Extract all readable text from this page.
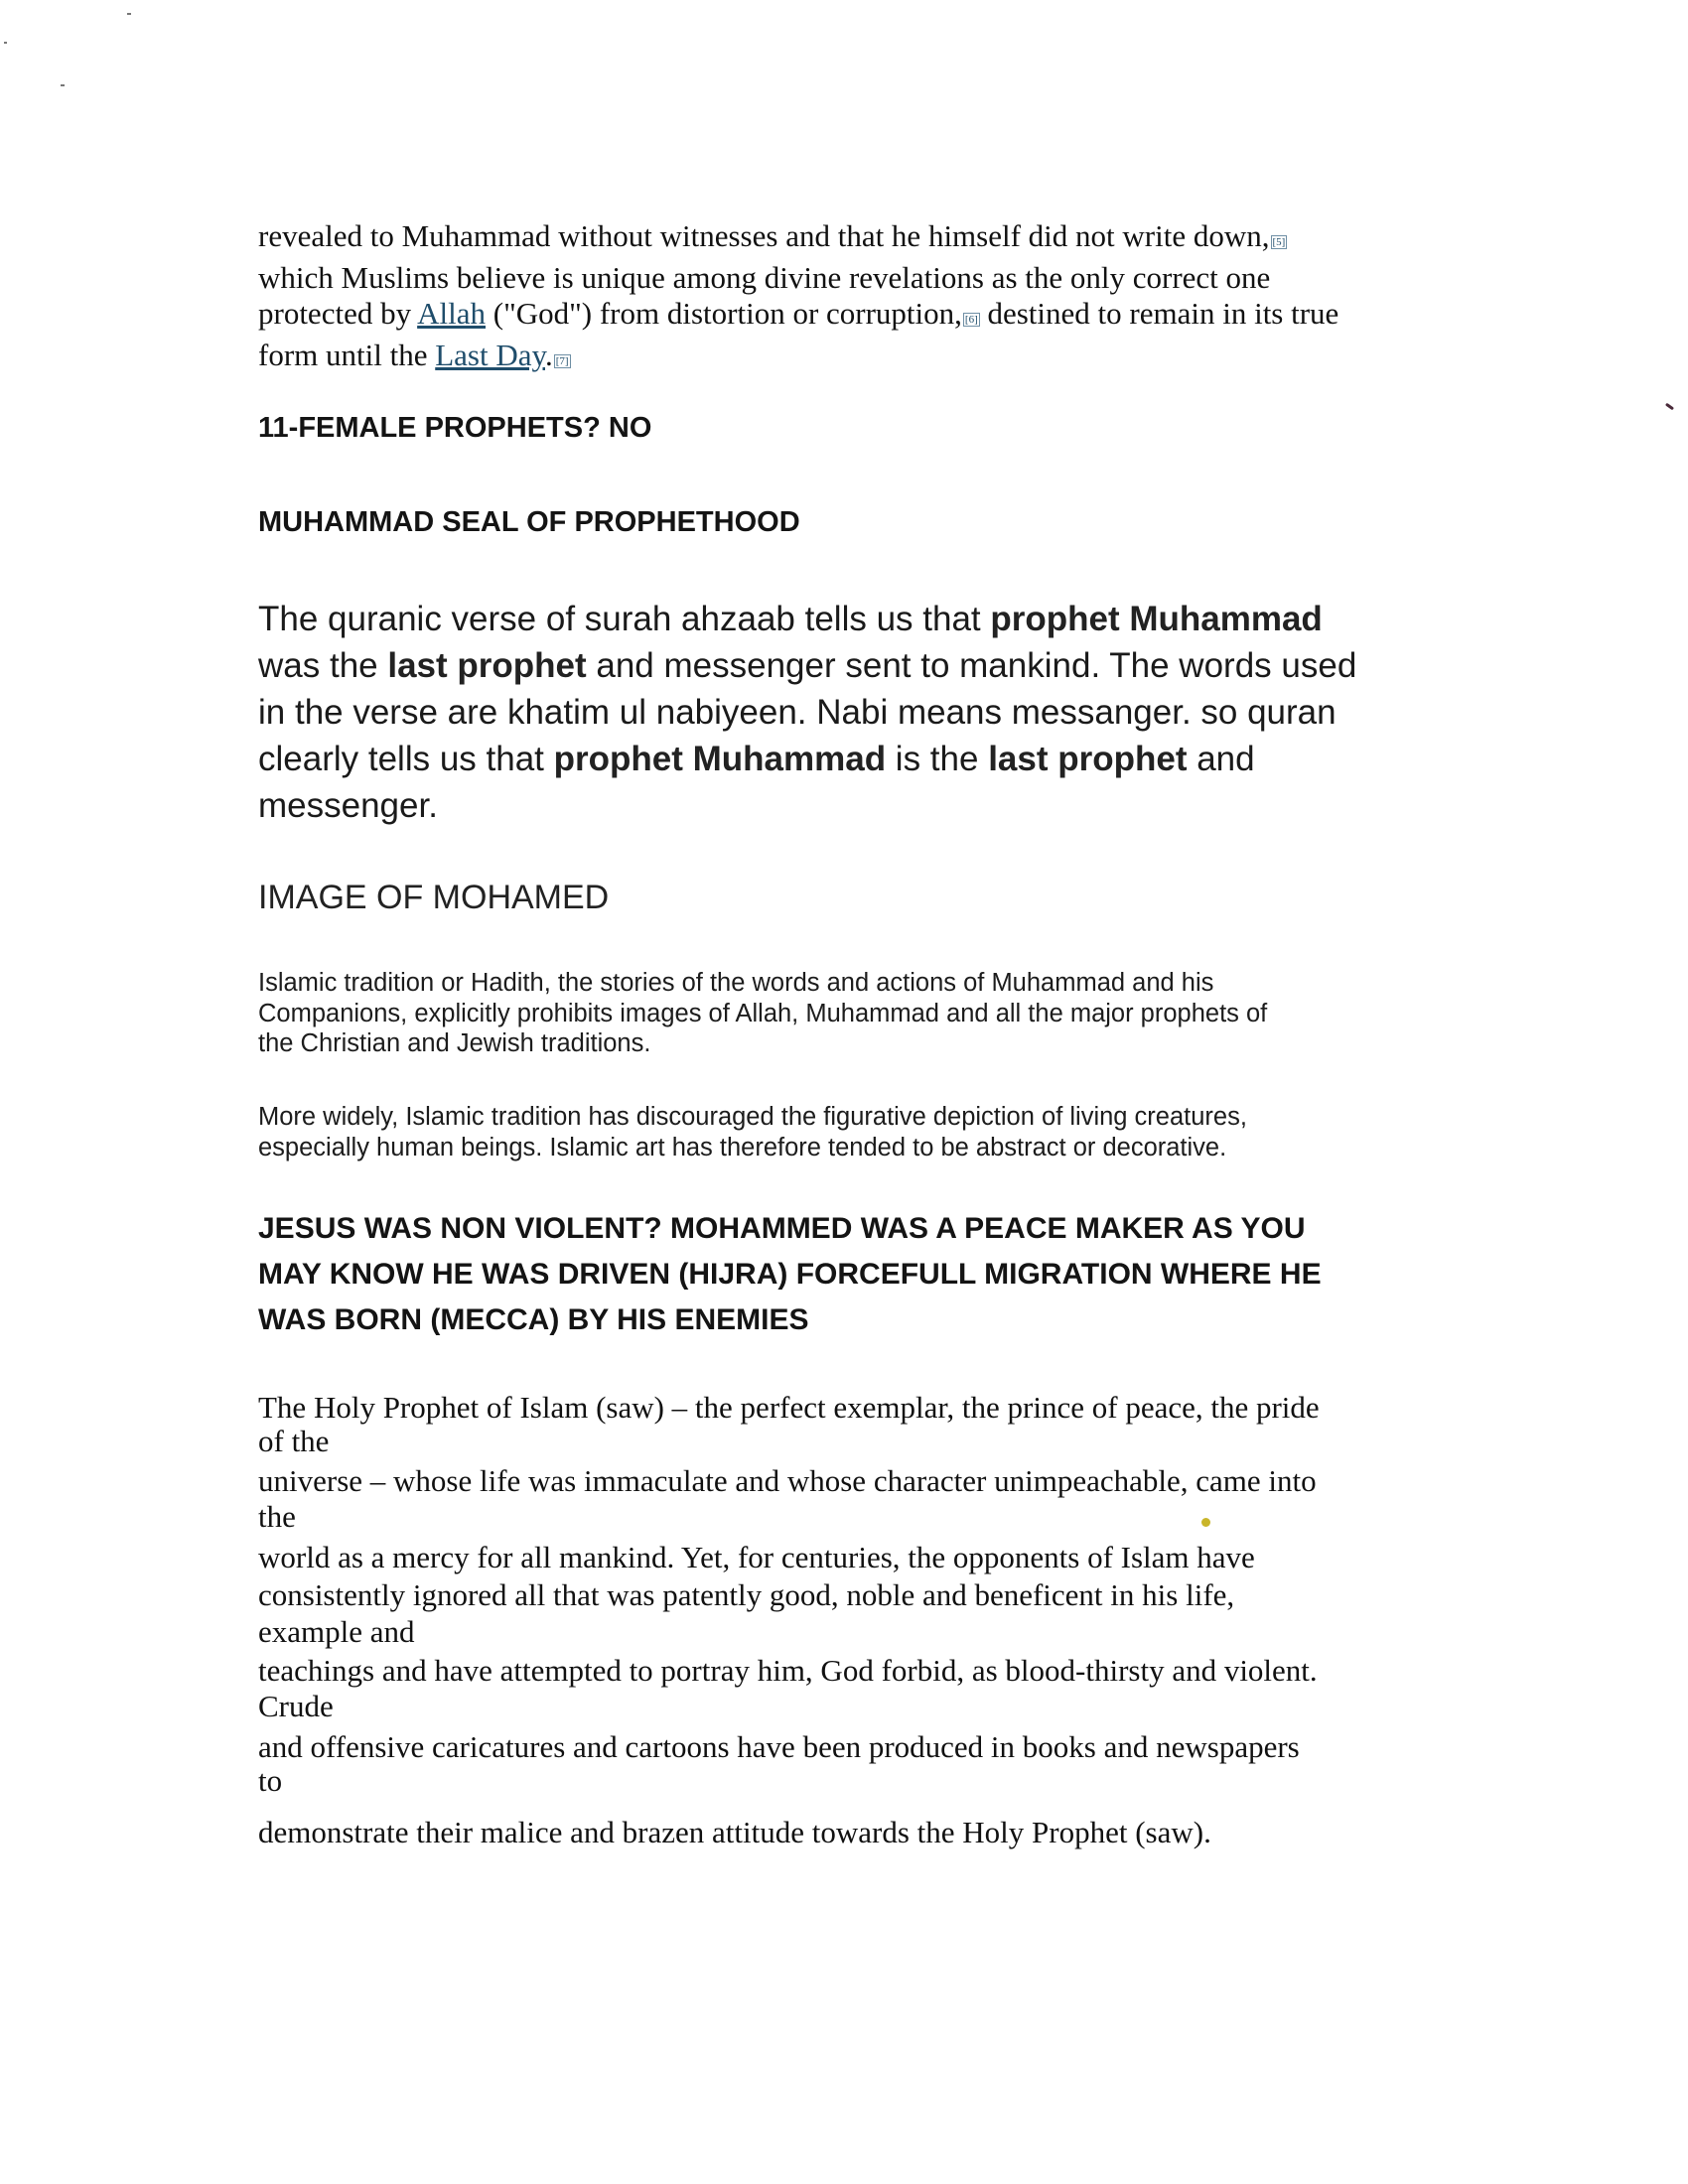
revealed to Muhammad without witnesses and that he himself did not write down, [5]
which Muslims believe is unique among divine revelations as the only correct one
protected by Allah ("God") from distortion or corruption, [6] destined to remain in its true
form until the Last Day. [7]
11-FEMALE PROPHETS? NO
MUHAMMAD SEAL OF PROPHETHOOD
The quranic verse of surah ahzaab tells us that prophet Muhammad
was the last prophet and messenger sent to mankind. The words used
in the verse are khatim ul nabiyeen. Nabi means messanger. so quran
clearly tells us that prophet Muhammad is the last prophet and
messenger.
IMAGE OF MOHAMED
Islamic tradition or Hadith, the stories of the words and actions of Muhammad and his
Companions, explicitly prohibits images of Allah, Muhammad and all the major prophets of
the Christian and Jewish traditions.
More widely, Islamic tradition has discouraged the figurative depiction of living creatures,
especially human beings. Islamic art has therefore tended to be abstract or decorative.
JESUS WAS NON VIOLENT? MOHAMMED WAS A PEACE MAKER AS YOU
MAY KNOW HE WAS DRIVEN (HIJRA) FORCEFULL MIGRATION WHERE HE
WAS BORN (MECCA) BY HIS ENEMIES
The Holy Prophet of Islam (saw) – the perfect exemplar, the prince of peace, the pride
of the
universe – whose life was immaculate and whose character unimpeachable, came into
the
world as a mercy for all mankind. Yet, for centuries, the opponents of Islam have
consistently ignored all that was patently good, noble and beneficent in his life,
example and
teachings and have attempted to portray him, God forbid, as blood-thirsty and violent.
Crude
and offensive caricatures and cartoons have been produced in books and newspapers
to
demonstrate their malice and brazen attitude towards the Holy Prophet (saw).
